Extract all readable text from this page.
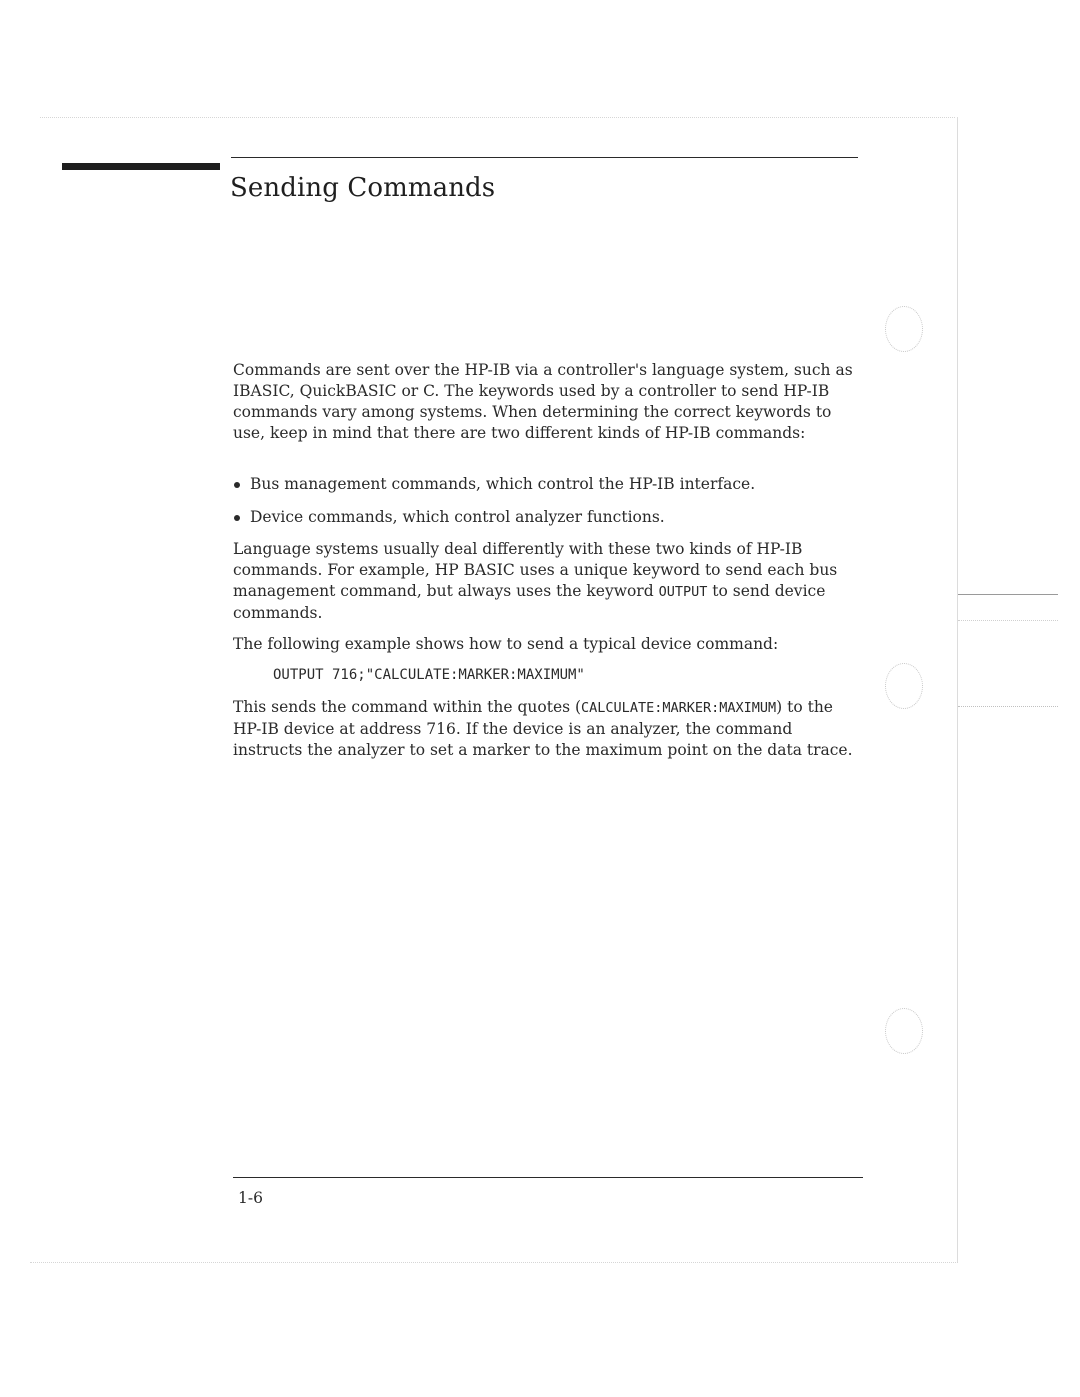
Sending Commands

Commands are sent over the HP-IB via a controller's language system, such as IBASIC, QuickBASIC or C. The keywords used by a controller to send HP-IB commands vary among systems. When determining the correct keywords to use, keep in mind that there are two different kinds of HP-IB commands:

Bus management commands, which control the HP-IB interface.
Device commands, which control analyzer functions.

Language systems usually deal differently with these two kinds of HP-IB commands. For example, HP BASIC uses a unique keyword to send each bus management command, but always uses the keyword OUTPUT to send device commands.

The following example shows how to send a typical device command:

OUTPUT 716;"CALCULATE:MARKER:MAXIMUM"

This sends the command within the quotes (CALCULATE:MARKER:MAXIMUM) to the HP-IB device at address 716. If the device is an analyzer, the command instructs the analyzer to set a marker to the maximum point on the data trace.

1-6
